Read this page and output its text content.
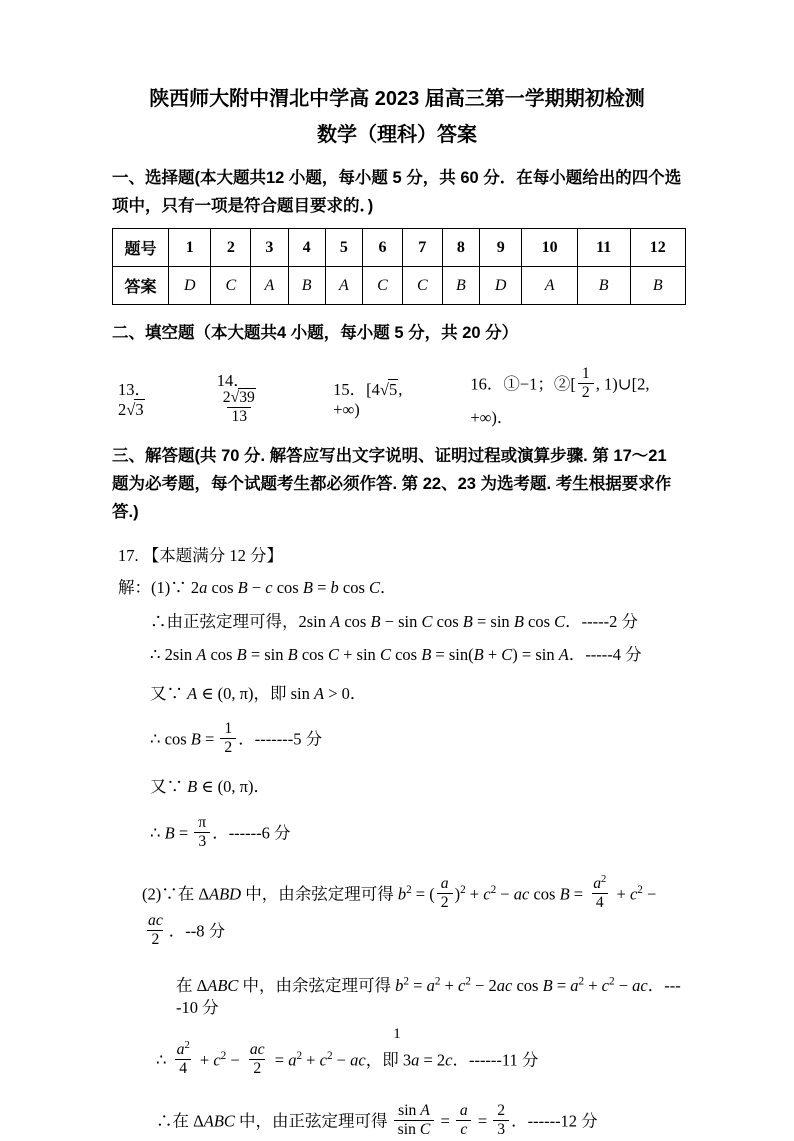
陕西师大附中渭北中学高 2023 届高三第一学期期初检测
数学（理科）答案

一、选择题(本大题共12 小题，每小题 5 分，共 60 分．在每小题给出的四个选项中，只有一项是符合题目要求的．)

题号	1	2	3	4	5	6	7	8	9	10	11	12
答案	D	C	A	B	A	C	C	B	D	A	B	B

二、填空题（本大题共4 小题，每小题 5 分，共 20 分）

13．2√3
14．
$\frac{2√39}{13}$	15．[4√5, +∞)
16．①−1；②[ $\frac{1}{2}$ , 1)∪[2, +∞)．

三、解答题(共 70 分. 解答应写出文字说明、证明过程或演算步骤. 第 17～21 题为必考题，每个试题考生都必须作答. 第 22、23 为选考题. 考生根据要求作答.)

17. 【本题满分 12 分】

解：(1)∵ 2a cos B − c cos B = b cos C．
∴由正弦定理可得，2sin A cos B − sin C cos B = sin B cos C．-----2 分
∴ 2sin A cos B = sin B cos C + sin C cos B = sin(B + C) = sin A．-----4 分
又∵ A ∈ (0, π)，即 sin A > 0．
∴ $\cos B = \frac{1}{2}$ ．-------5 分
又∵ B ∈ (0, π)．
∴ $B = \frac{\pi}{3}$ ．------6 分
(2)∵在 ΔABD 中，由余弦定理可得 $b^2$ = ( $\frac{a}{2} )^2 + c^2$ − ac $\cos B = \frac{a^2}{4} + c^2$ −
$\frac{ac}{2}$ ．--8 分
在 ΔABC 中，由余弦定理可得 $b^2 = a^2 + c^2 - 2ac$ $\cos B = a^2 + c^2$ − ac．----10 分
∴ $\frac{a^2}{4} + c^2 - \frac{ac}{2} = a^2 + c^2$ − ac，即 3a = 2c．------11 分
∴在 ΔABC 中，由正弦定理可得 $\frac{\text{sin A}}{\text{sin C}} = \frac{a}{c} = \frac{2}{3}$ ．------12 分
1
